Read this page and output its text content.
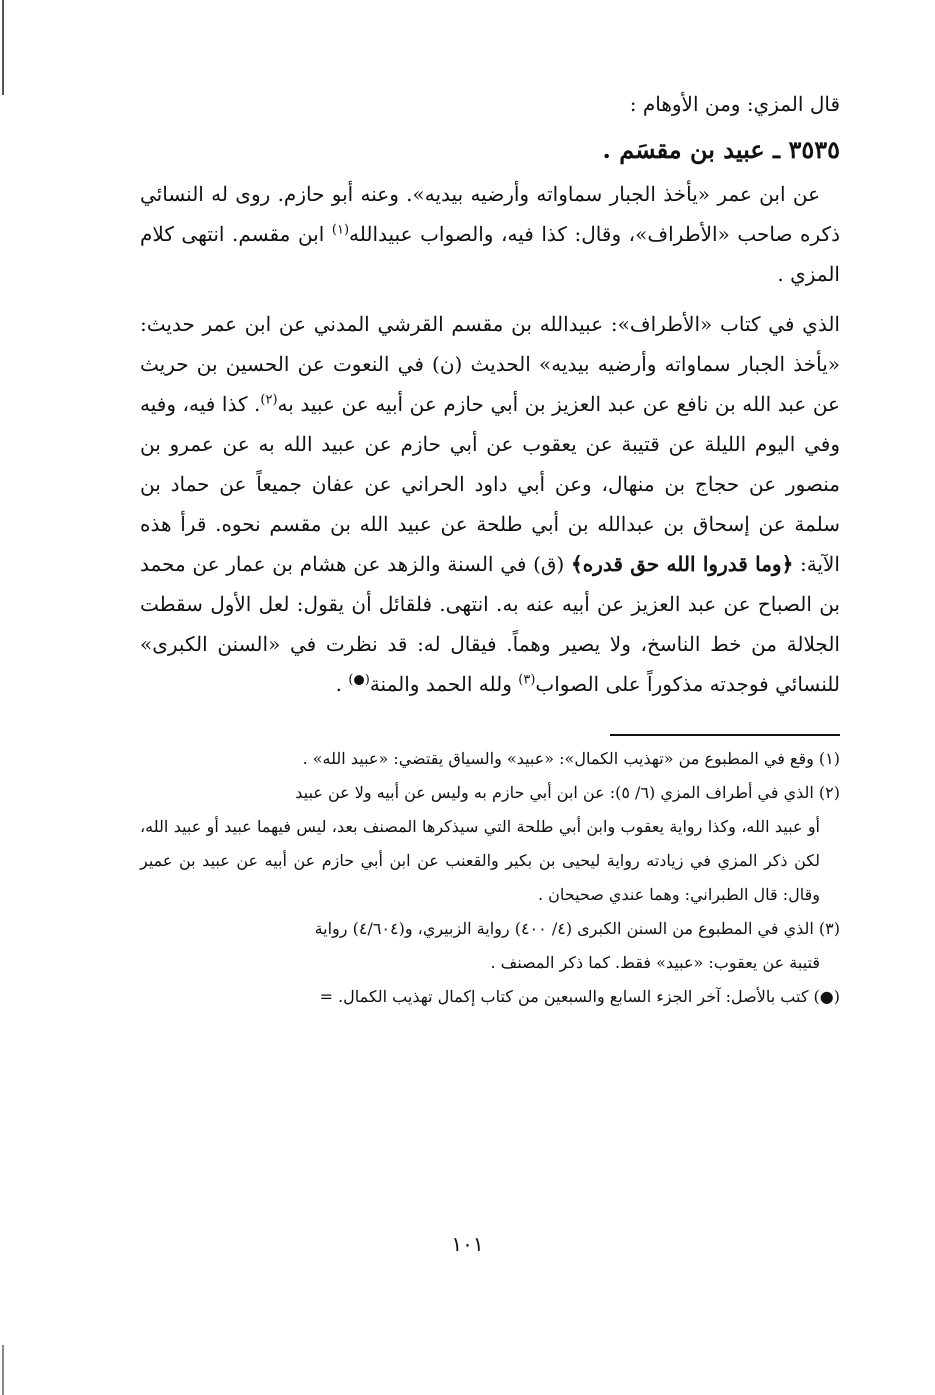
قال المزي: ومن الأوهام :

٣٥٣٥ ـ عبيد بن مقسَم .

عن ابن عمر «يأخذ الجبار سماواته وأرضيه بيديه». وعنه أبو حازم. روى له النسائي ذكره صاحب «الأطراف»، وقال: كذا فيه، والصواب عبيدالله$^{(١)}$ ابن مقسم. انتهى كلام المزي .

الذي في كتاب «الأطراف»: عبيدالله بن مقسم القرشي المدني عن ابن عمر حديث: «يأخذ الجبار سماواته وأرضيه بيديه» الحديث (ن) في النعوت عن الحسين بن حريث عن عبد الله بن نافع عن عبد العزيز بن أبي حازم عن أبيه عن عبيد به$^{(٢)}$. كذا فيه، وفيه وفي اليوم الليلة عن قتيبة عن يعقوب عن أبي حازم عن عبيد الله به عن عمرو بن منصور عن حجاج بن منهال، وعن أبي داود الحراني عن عفان جميعاً عن حماد بن سلمة عن إسحاق بن عبدالله بن أبي طلحة عن عبيد الله بن مقسم نحوه. قرأ هذه الآية: ﴿وما قدروا الله حق قدره﴾ (ق) في السنة والزهد عن هشام بن عمار عن محمد بن الصباح عن عبد العزيز عن أبيه عنه به. انتهى. فلقائل أن يقول: لعل الأول سقطت الجلالة من خط الناسخ، ولا يصير وهماً. فيقال له: قد نظرت في «السنن الكبرى» للنسائي فوجدته مذكوراً على الصواب$^{(٣)}$ ولله الحمد والمنة(●) .

(١) وقع في المطبوع من «تهذيب الكمال»: «عبيد» والسياق يقتضي: «عبيد الله» .

(٢) الذي في أطراف المزي (٦/ ٥): عن ابن أبي حازم به وليس عن أبيه ولا عن عبيد

أو عبيد الله، وكذا رواية يعقوب وابن أبي طلحة التي سيذكرها المصنف بعد، ليس فيهما عبيد أو عبيد الله، لكن ذكر المزي في زيادته رواية ليحيى بن بكير والقعنب عن ابن أبي حازم عن أبيه عن عبيد بن عمير وقال: قال الطبراني: وهما عندي صحيحان .

(٣) الذي في المطبوع من السنن الكبرى (٤/ ٤٠٠) رواية الزبيري، و(٤/٦٠٤) رواية

قتيبة عن يعقوب: «عبيد» فقط. كما ذكر المصنف .

(●) كتب بالأصل: آخر الجزء السابع والسبعين من كتاب إكمال تهذيب الكمال. =

١٠١
